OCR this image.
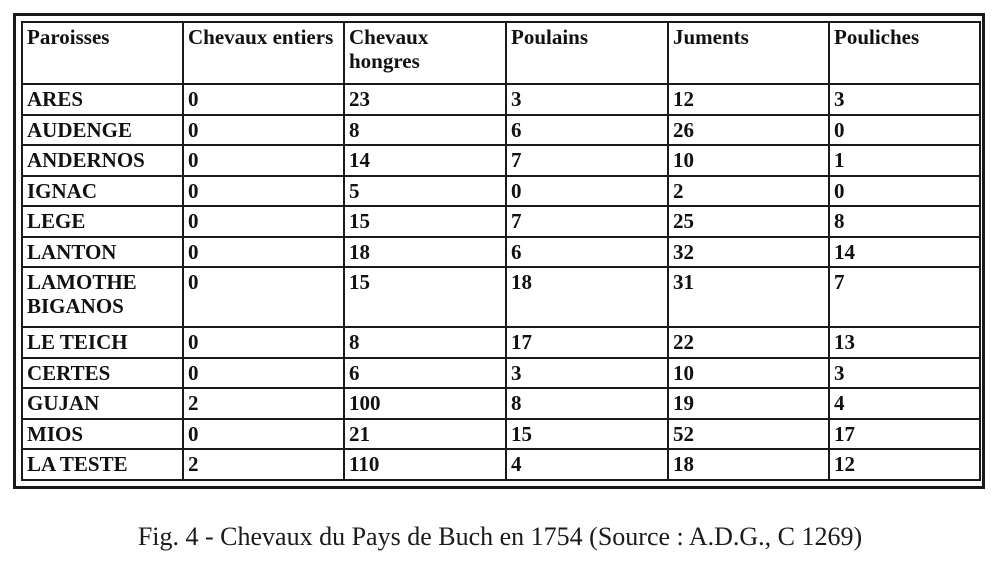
Paroisses	Chevaux entiers	Chevaux hongres	Poulains	Juments	Pouliches
ARES	0	23	3	12	3
AUDENGE	0	8	6	26	0
ANDERNOS	0	14	7	10	1
IGNAC	0	5	0	2	0
LEGE	0	15	7	25	8
LANTON	0	18	6	32	14
LAMOTHE BIGANOS	0	15	18	31	7
LE TEICH	0	8	17	22	13
CERTES	0	6	3	10	3
GUJAN	2	100	8	19	4
MIOS	0	21	15	52	17
LA TESTE	2	110	4	18	12
Fig. 4 - Chevaux du Pays de Buch en 1754 (Source : A.D.G., C 1269)
